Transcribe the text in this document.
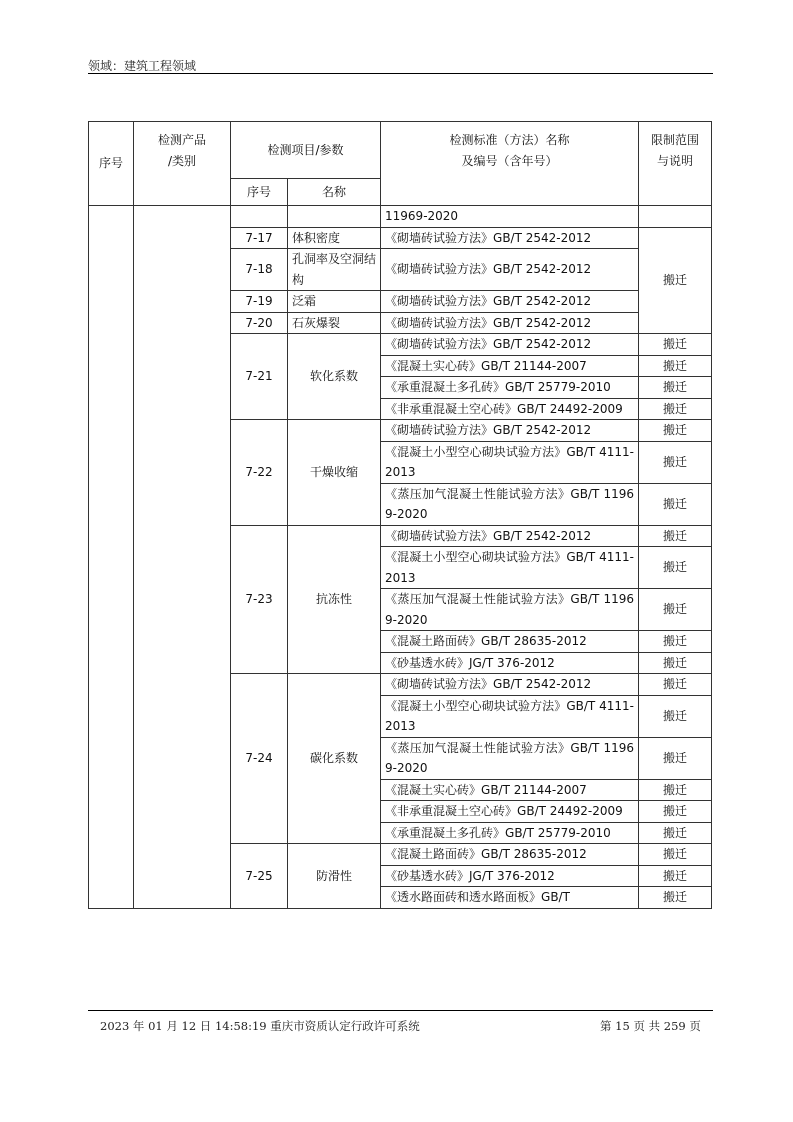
领域：建筑工程领域
序号	检测产品
/类别	检测项目/参数		检测标准（方法）名称
及编号（含年号）	限制范围
与说明

		序号	名称		
				11969-2020	
		7-17	体积密度	《砌墙砖试验方法》GB/T 2542-2012	搬迁
		7-18	孔洞率及空洞结构	《砌墙砖试验方法》GB/T 2542-2012	
		7-19	泛霜	《砌墙砖试验方法》GB/T 2542-2012	
		7-20	石灰爆裂	《砌墙砖试验方法》GB/T 2542-2012	
		7-21	软化系数	《砌墙砖试验方法》GB/T 2542-2012	搬迁
				《混凝土实心砖》GB/T 21144-2007	搬迁
				《承重混凝土多孔砖》GB/T 25779-2010	搬迁
				《非承重混凝土空心砖》GB/T 24492-2009	搬迁
		7-22	干燥收缩	《砌墙砖试验方法》GB/T 2542-2012	搬迁
				《混凝土小型空心砌块试验方法》GB/T 4111-2013	搬迁
				《蒸压加气混凝土性能试验方法》GB/T 11969-2020	搬迁
		7-23	抗冻性	《砌墙砖试验方法》GB/T 2542-2012	搬迁
				《混凝土小型空心砌块试验方法》GB/T 4111-2013	搬迁
				《蒸压加气混凝土性能试验方法》GB/T 11969-2020	搬迁
				《混凝土路面砖》GB/T 28635-2012	搬迁
				《砂基透水砖》JG/T 376-2012	搬迁
		7-24	碳化系数	《砌墙砖试验方法》GB/T 2542-2012	搬迁
				《混凝土小型空心砌块试验方法》GB/T 4111-2013	搬迁
				《蒸压加气混凝土性能试验方法》GB/T 11969-2020	搬迁
				《混凝土实心砖》GB/T 21144-2007	搬迁
				《非承重混凝土空心砖》GB/T 24492-2009	搬迁
				《承重混凝土多孔砖》GB/T 25779-2010	搬迁
		7-25	防滑性	《混凝土路面砖》GB/T 28635-2012	搬迁
				《砂基透水砖》JG/T 376-2012	搬迁
				《透水路面砖和透水路面板》GB/T	搬迁
2023 年 01 月 12 日 14:58:19 重庆市资质认定行政许可系统	第 15 页 共 259 页
